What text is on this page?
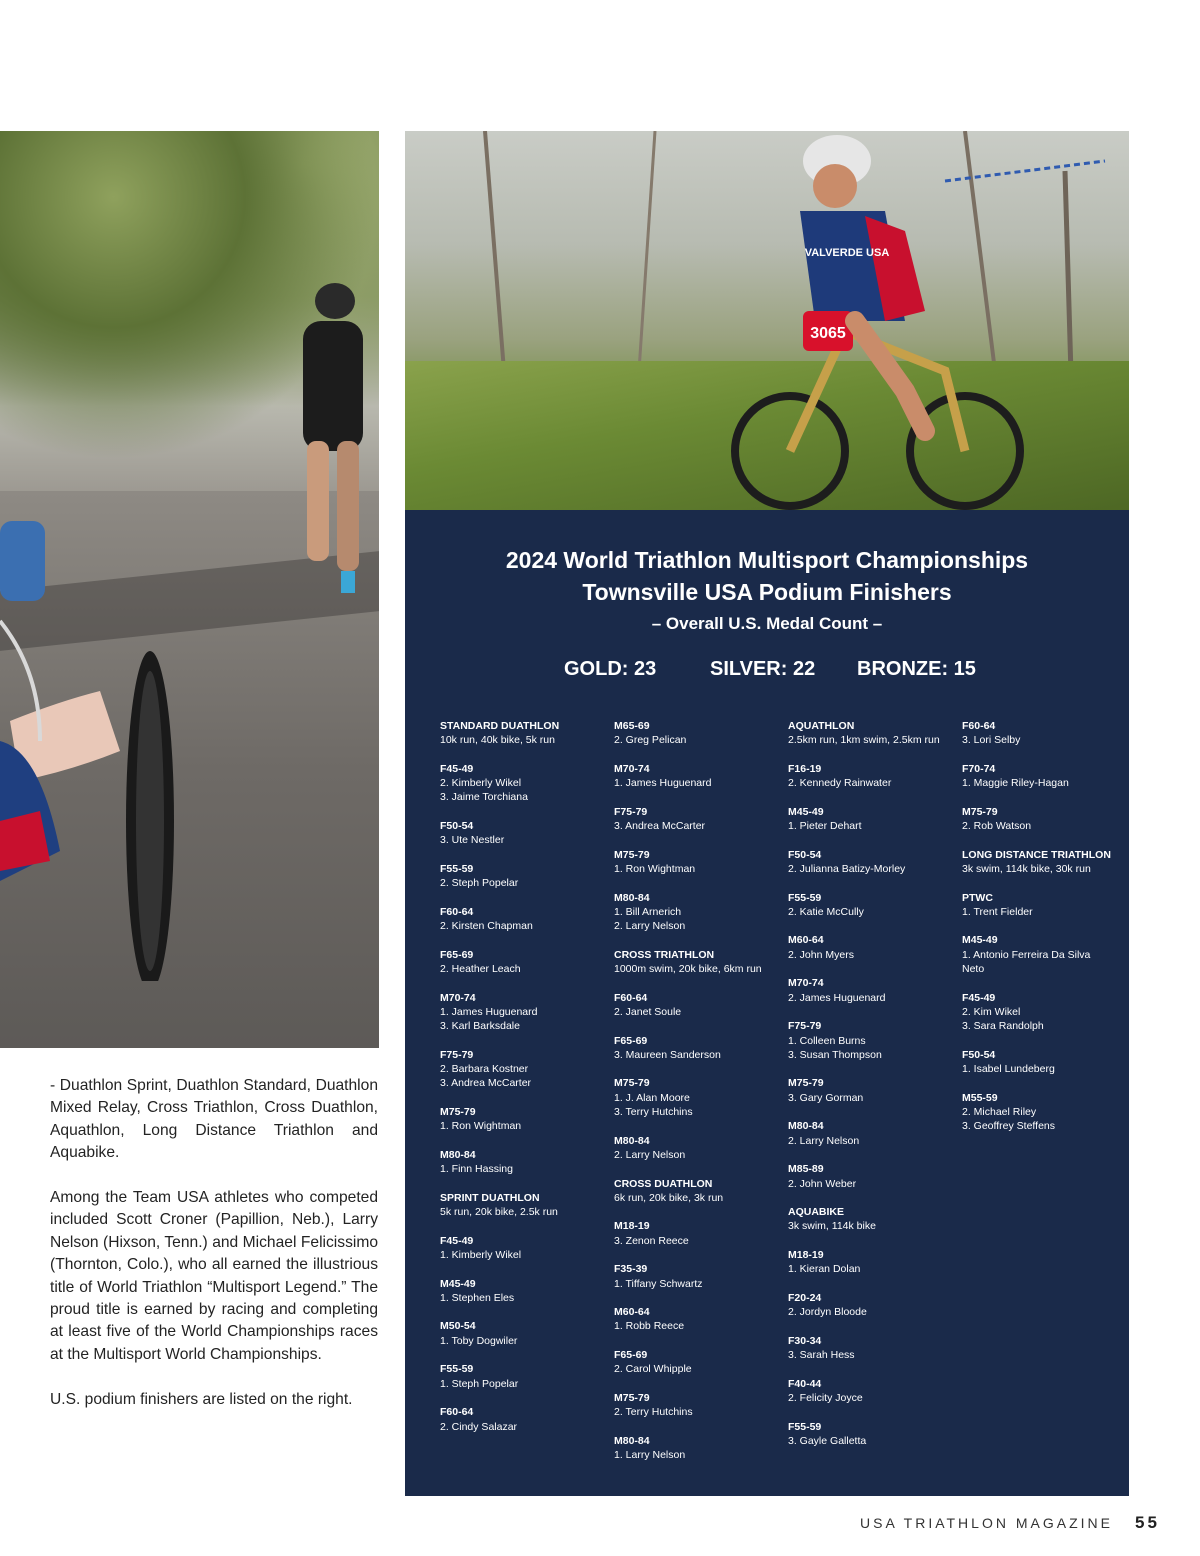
3065
VALVERDE USA
2024 World Triathlon Multisport Championships
Townsville USA Podium Finishers
– Overall U.S. Medal Count –
GOLD: 23	SILVER: 22 BRONZE: 15
STANDARD DUATHLON
10k run, 40k bike, 5k run
F45-49
2. Kimberly Wikel
3. Jaime Torchiana
F50-54
3. Ute Nestler
F55-59
2. Steph Popelar
F60-64
2. Kirsten Chapman
F65-69
2. Heather Leach
M70-74
1. James Huguenard
3. Karl Barksdale
F75-79
2. Barbara Kostner
3. Andrea McCarter
M75-79
1. Ron Wightman
M80-84
1. Finn Hassing
SPRINT DUATHLON
5k run, 20k bike, 2.5k run
F45-49
1. Kimberly Wikel
M45-49
1. Stephen Eles
M50-54
1. Toby Dogwiler
F55-59
1. Steph Popelar
F60-64
2. Cindy Salazar
M65-69
2. Greg Pelican
M70-74
1. James Huguenard
F75-79
3. Andrea McCarter
M75-79
1. Ron Wightman
M80-84
1. Bill Arnerich
2. Larry Nelson
CROSS TRIATHLON
1000m swim, 20k bike, 6km run
F60-64
2. Janet Soule
F65-69
3. Maureen Sanderson
M75-79
1. J. Alan Moore
3. Terry Hutchins
M80-84
2. Larry Nelson
CROSS DUATHLON
6k run, 20k bike, 3k run
M18-19
3. Zenon Reece
F35-39
1. Tiffany Schwartz
M60-64
1. Robb Reece
F65-69
2. Carol Whipple
M75-79
2. Terry Hutchins
M80-84
1. Larry Nelson
AQUATHLON
2.5km run, 1km swim, 2.5km run
F16-19
2. Kennedy Rainwater
M45-49
1. Pieter Dehart
F50-54
2. Julianna Batizy-Morley
F55-59
2. Katie McCully
M60-64
2. John Myers
M70-74
2. James Huguenard
F75-79
1. Colleen Burns
3. Susan Thompson
M75-79
3. Gary Gorman
M80-84
2. Larry Nelson
M85-89
2. John Weber
AQUABIKE
3k swim, 114k bike
M18-19
1. Kieran Dolan
F20-24
2. Jordyn Bloode
F30-34
3. Sarah Hess
F40-44
2. Felicity Joyce
F55-59
3. Gayle Galletta
F60-64
3. Lori Selby
F70-74
1. Maggie Riley-Hagan
M75-79
2. Rob Watson
LONG DISTANCE TRIATHLON
3k swim, 114k bike, 30k run
PTWC
1. Trent Fielder
M45-49
1. Antonio Ferreira Da Silva
Neto
F45-49
2. Kim Wikel
3. Sara Randolph
F50-54
1. Isabel Lundeberg
M55-59
2. Michael Riley
3. Geoffrey Steffens

- Duathlon Sprint, Duathlon Standard, Duathlon Mixed Relay, Cross Triathlon, Cross Duathlon, Aquathlon, Long Distance Triathlon and Aquabike.

Among the Team USA athletes who competed included Scott Croner (Papillion, Neb.), Larry Nelson (Hixson, Tenn.) and Michael Felicissimo (Thornton, Colo.), who all earned the illustrious title of World Triathlon “Multisport Legend.” The proud title is earned by racing and completing at least five of the World Championships races at the Multisport World Championships.

U.S. podium finishers are listed on the right.

USA TRIATHLON MAGAZINE 55
